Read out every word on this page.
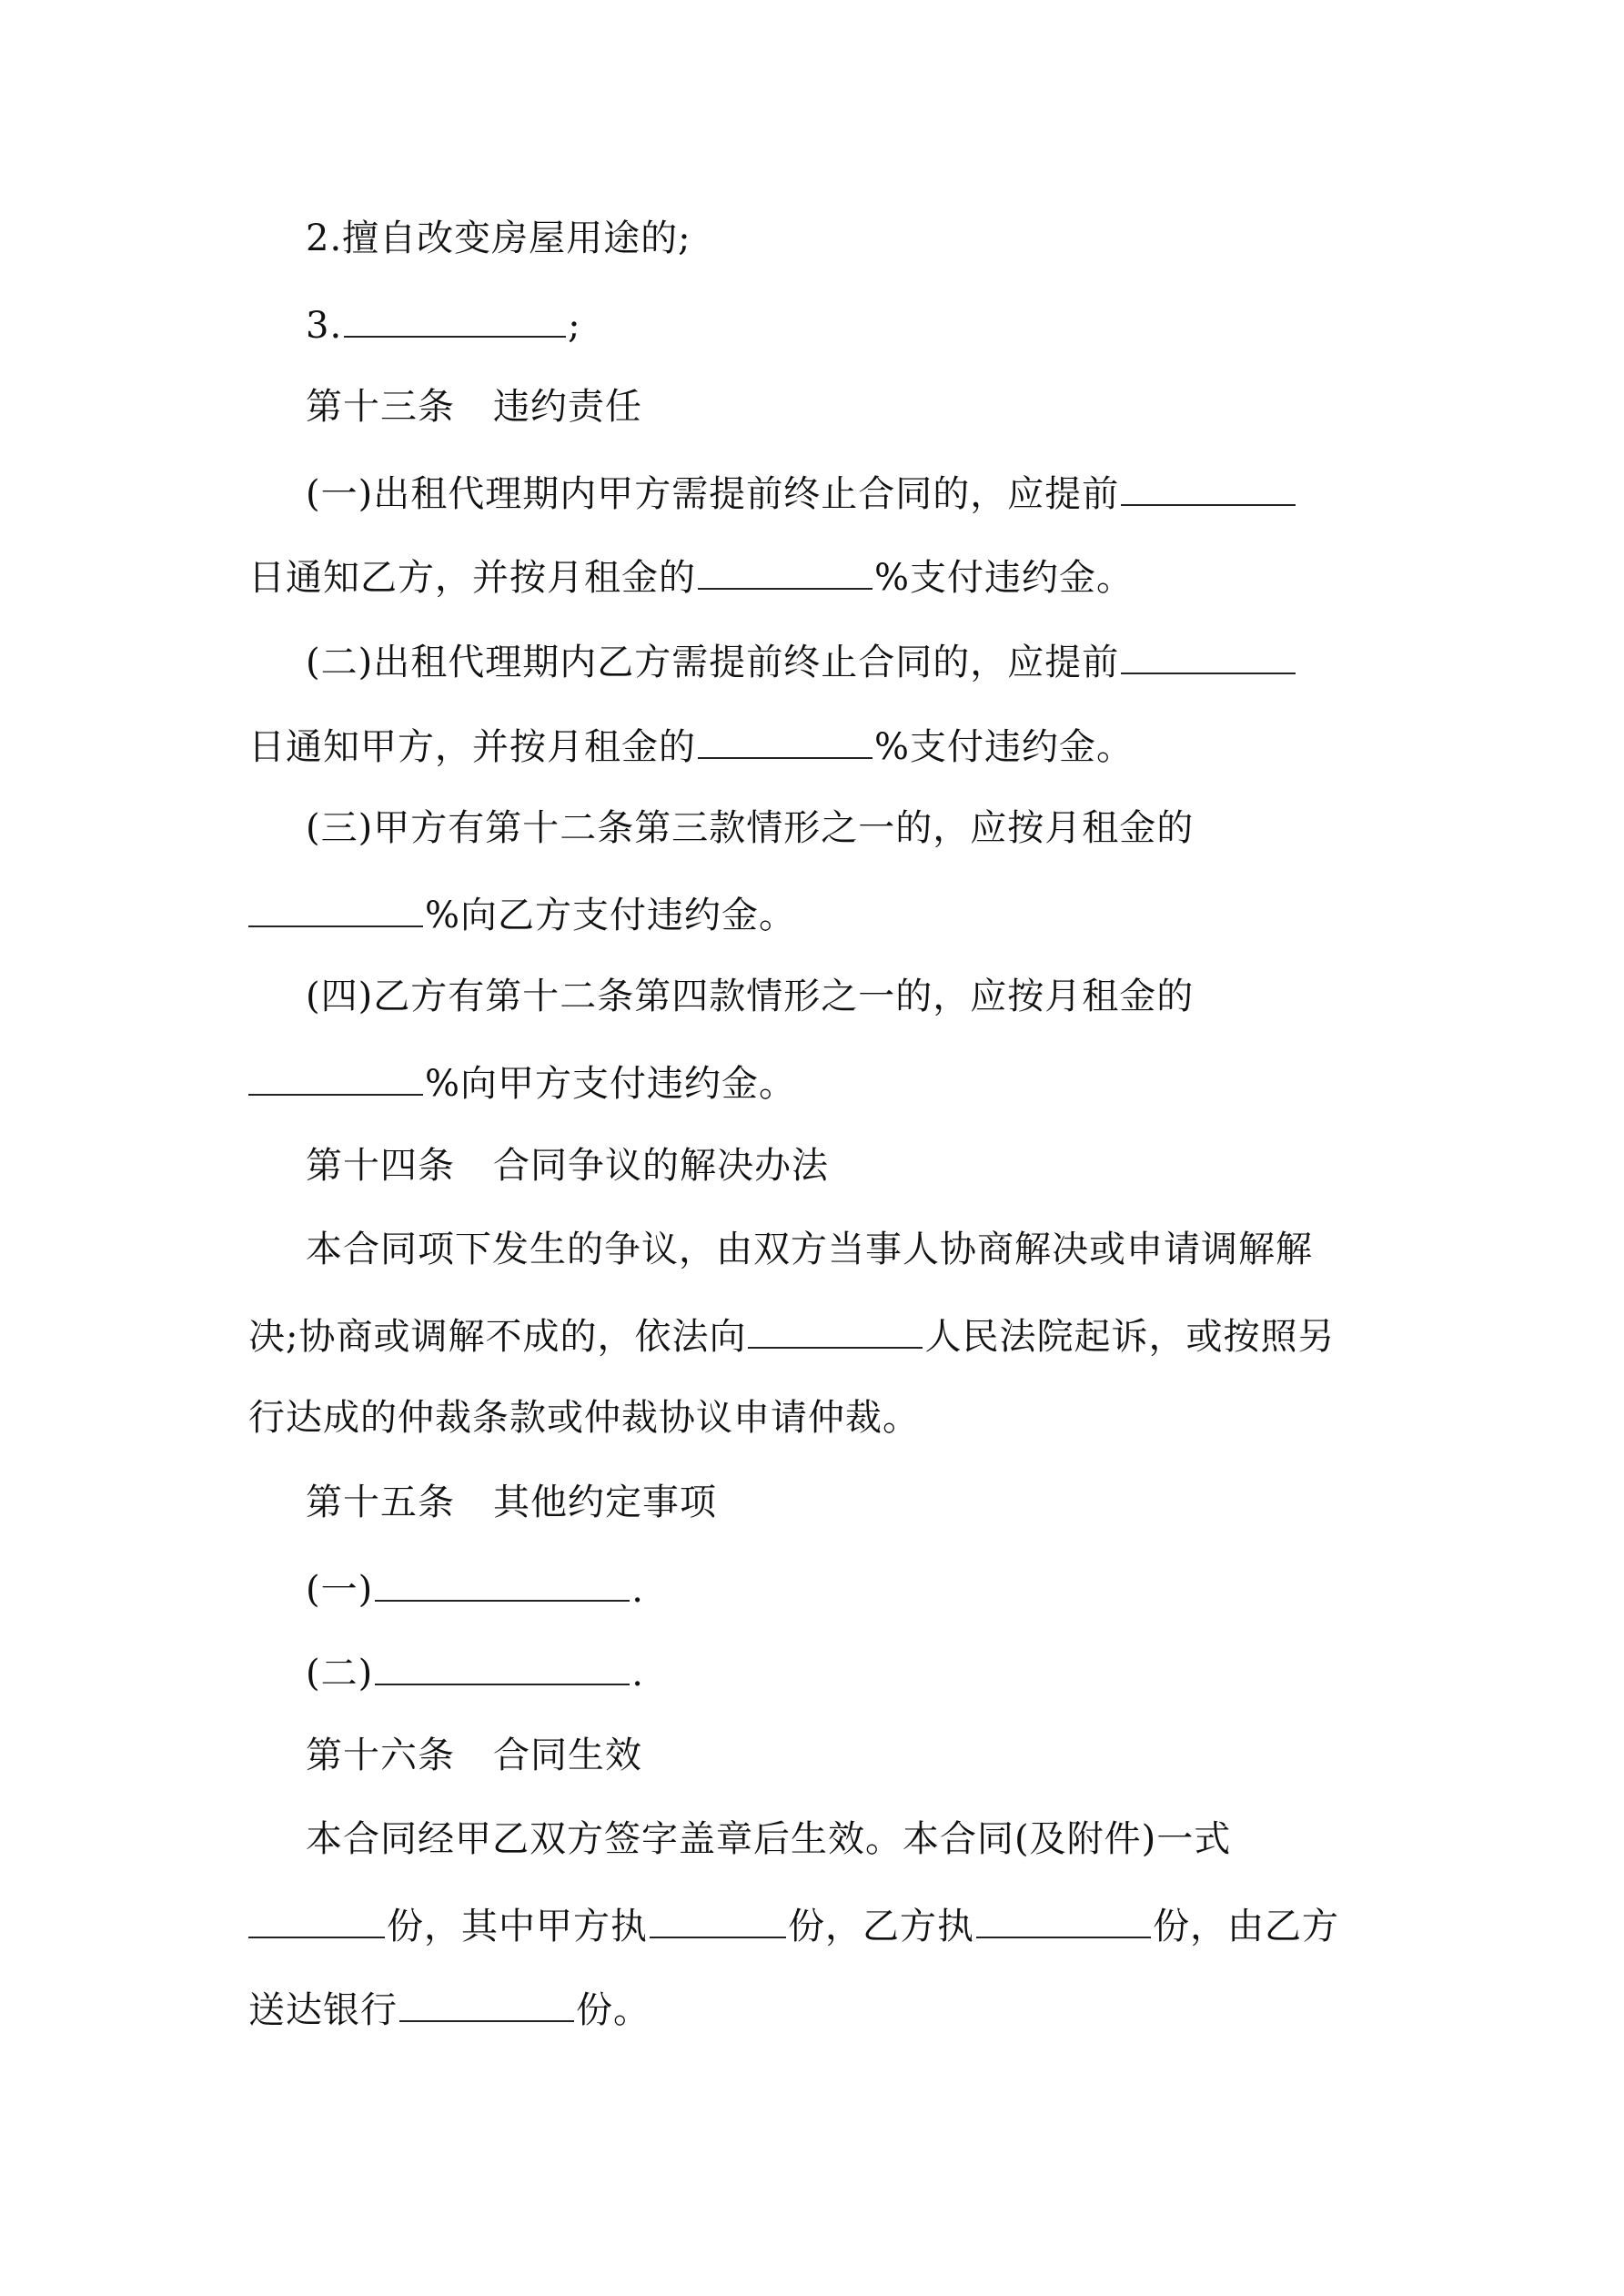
2.擅自改变房屋用途的;
3.	;
第十三条 违约责任
(一)出租代理期内甲方需提前终止合同的，应提前
日通知乙方，并按月租金的	%支付违约金。
(二)出租代理期内乙方需提前终止合同的，应提前
日通知甲方，并按月租金的	%支付违约金。
(三)甲方有第十二条第三款情形之一的，应按月租金的
%向乙方支付违约金。
(四)乙方有第十二条第四款情形之一的，应按月租金的
%向甲方支付违约金。
第十四条 合同争议的解决办法
本合同项下发生的争议，由双方当事人协商解决或申请调解解
决;协商或调解不成的，依法向	人民法院起诉，或按照另
行达成的仲裁条款或仲裁协议申请仲裁。
第十五条 其他约定事项
(一)	.
(二)	.
第十六条 合同生效
本合同经甲乙双方签字盖章后生效。本合同(及附件)一式
份，其中甲方执	份，乙方执	份，由乙方
送达银行	份。
